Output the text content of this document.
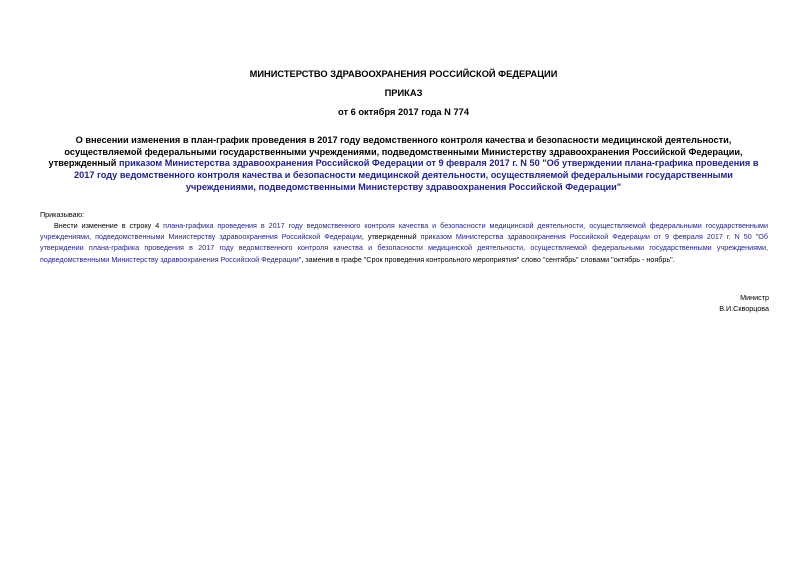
МИНИСТЕРСТВО ЗДРАВООХРАНЕНИЯ РОССИЙСКОЙ ФЕДЕРАЦИИ
ПРИКАЗ
от 6 октября 2017 года N 774
О внесении изменения в план-график проведения в 2017 году ведомственного контроля качества и безопасности медицинской деятельности, осуществляемой федеральными государственными учреждениями, подведомственными Министерству здравоохранения Российской Федерации, утвержденный приказом Министерства здравоохранения Российской Федерации от 9 февраля 2017 г. N 50 "Об утверждении плана-графика проведения в 2017 году ведомственного контроля качества и безопасности медицинской деятельности, осуществляемой федеральными государственными учреждениями, подведомственными Министерству здравоохранения Российской Федерации"
Приказываю:
Внести изменение в строку 4 плана-графика проведения в 2017 году ведомственного контроля качества и безопасности медицинской деятельности, осуществляемой федеральными государственными учреждениями, подведомственными Министерству здравоохранения Российской Федерации, утвержденный приказом Министерства здравоохранения Российской Федерации от 9 февраля 2017 г. N 50 "Об утверждении плана-графика проведения в 2017 году ведомственного контроля качества и безопасности медицинской деятельности, осуществляемой федеральными государственными учреждениями, подведомственными Министерству здравоохранения Российской Федерации", заменив в графе "Срок проведения контрольного мероприятия" слово "сентябрь" словами "октябрь - ноябрь".
Министр
В.И.Скворцова
